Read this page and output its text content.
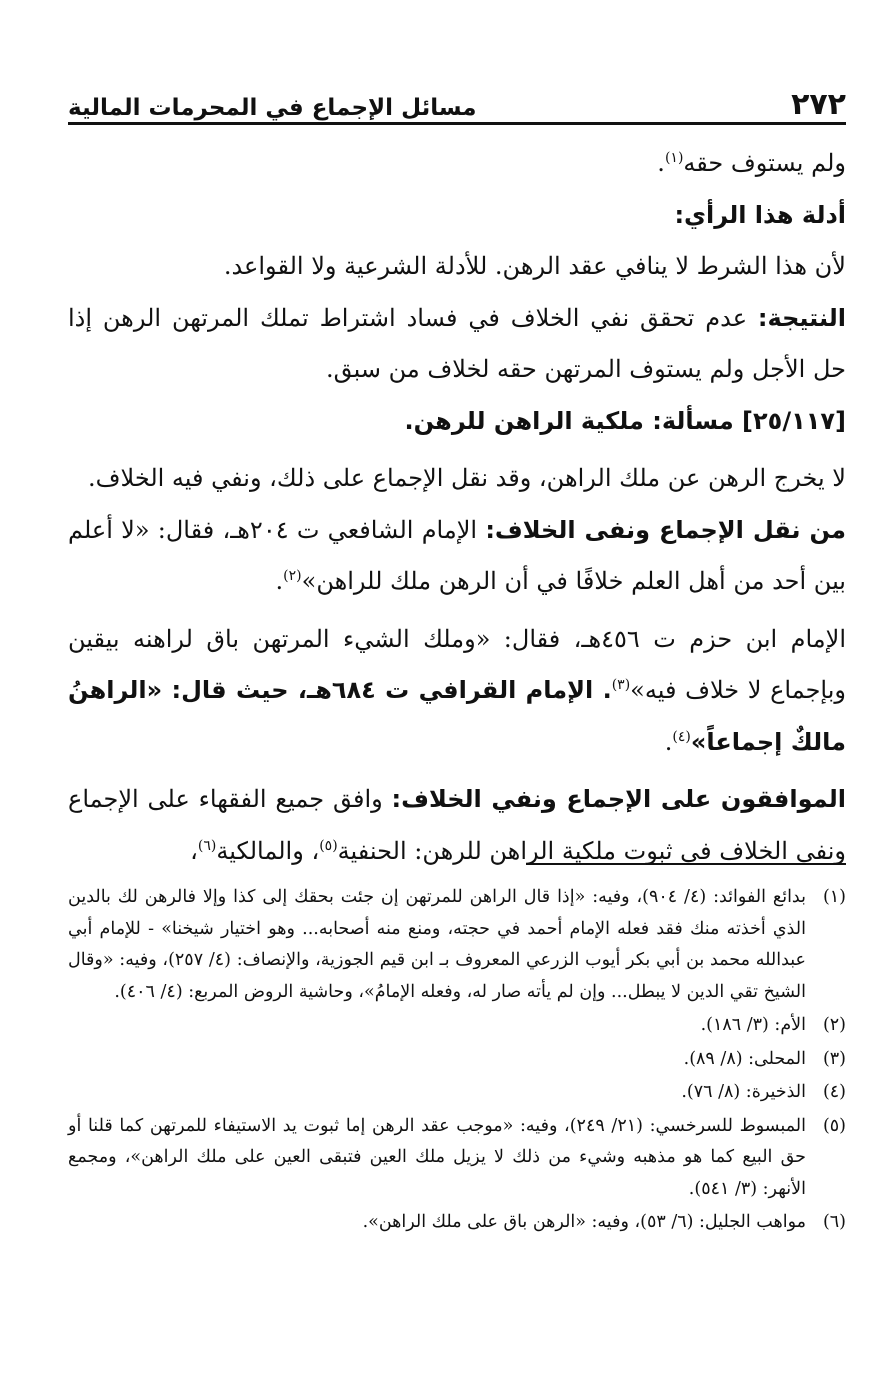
٢٧٢
مسائل الإجماع في المحرمات المالية

ولم يستوف حقه$^{(١)}$.

أدلة هذا الرأي:

لأن هذا الشرط لا ينافي عقد الرهن. للأدلة الشرعية ولا القواعد.

النتيجة: عدم تحقق نفي الخلاف في فساد اشتراط تملك المرتهن الرهن إذا حل الأجل ولم يستوف المرتهن حقه لخلاف من سبق.

[٢٥/١١٧] مسألة: ملكية الراهن للرهن.

لا يخرج الرهن عن ملك الراهن، وقد نقل الإجماع على ذلك، ونفي فيه الخلاف.

من نقل الإجماع ونفى الخلاف: الإمام الشافعي ت ٢٠٤هـ، فقال: «لا أعلم بين أحد من أهل العلم خلافًا في أن الرهن ملك للراهن»$^{(٢)}$.

الإمام ابن حزم ت ٤٥٦هـ، فقال: «وملك الشيء المرتهن باق لراهنه بيقين وبإجماع لا خلاف فيه»$^{(٣)}$. الإمام القرافي ت ٦٨٤هـ، حيث قال: «الراهنُ مالكٌ إجماعاً»$^{(٤)}$.

الموافقون على الإجماع ونفي الخلاف: وافق جميع الفقهاء على الإجماع ونفي الخلاف في ثبوت ملكية الراهن للرهن: الحنفية$^{(٥)}$، والمالكية$^{(٦)}$،

(١)
بدائع الفوائد: (٤/ ٩٠٤)، وفيه: «إذا قال الراهن للمرتهن إن جئت بحقك إلى كذا وإلا فالرهن لك بالدين الذي أخذته منك فقد فعله الإمام أحمد في حجته، ومنع منه أصحابه... وهو اختيار شيخنا» - للإمام أبي عبدالله محمد بن أبي بكر أيوب الزرعي المعروف بـ ابن قيم الجوزية، والإنصاف: (٤/ ٢٥٧)، وفيه: «وقال الشيخ تقي الدين لا يبطل... وإن لم يأته صار له، وفعله الإمامُ»، وحاشية الروض المربع: (٤/ ٤٠٦).
(٢)
الأم: (٣/ ١٨٦).
(٣)
المحلى: (٨/ ٨٩).
(٤)
الذخيرة: (٨/ ٧٦).
(٥)
المبسوط للسرخسي: (٢١/ ٢٤٩)، وفيه: «موجب عقد الرهن إما ثبوت يد الاستيفاء للمرتهن كما قلنا أو حق البيع كما هو مذهبه وشيء من ذلك لا يزيل ملك العين فتبقى العين على ملك الراهن»، ومجمع الأنهر: (٣/ ٥٤١).
(٦)
مواهب الجليل: (٦/ ٥٣)، وفيه: «الرهن باق على ملك الراهن».
